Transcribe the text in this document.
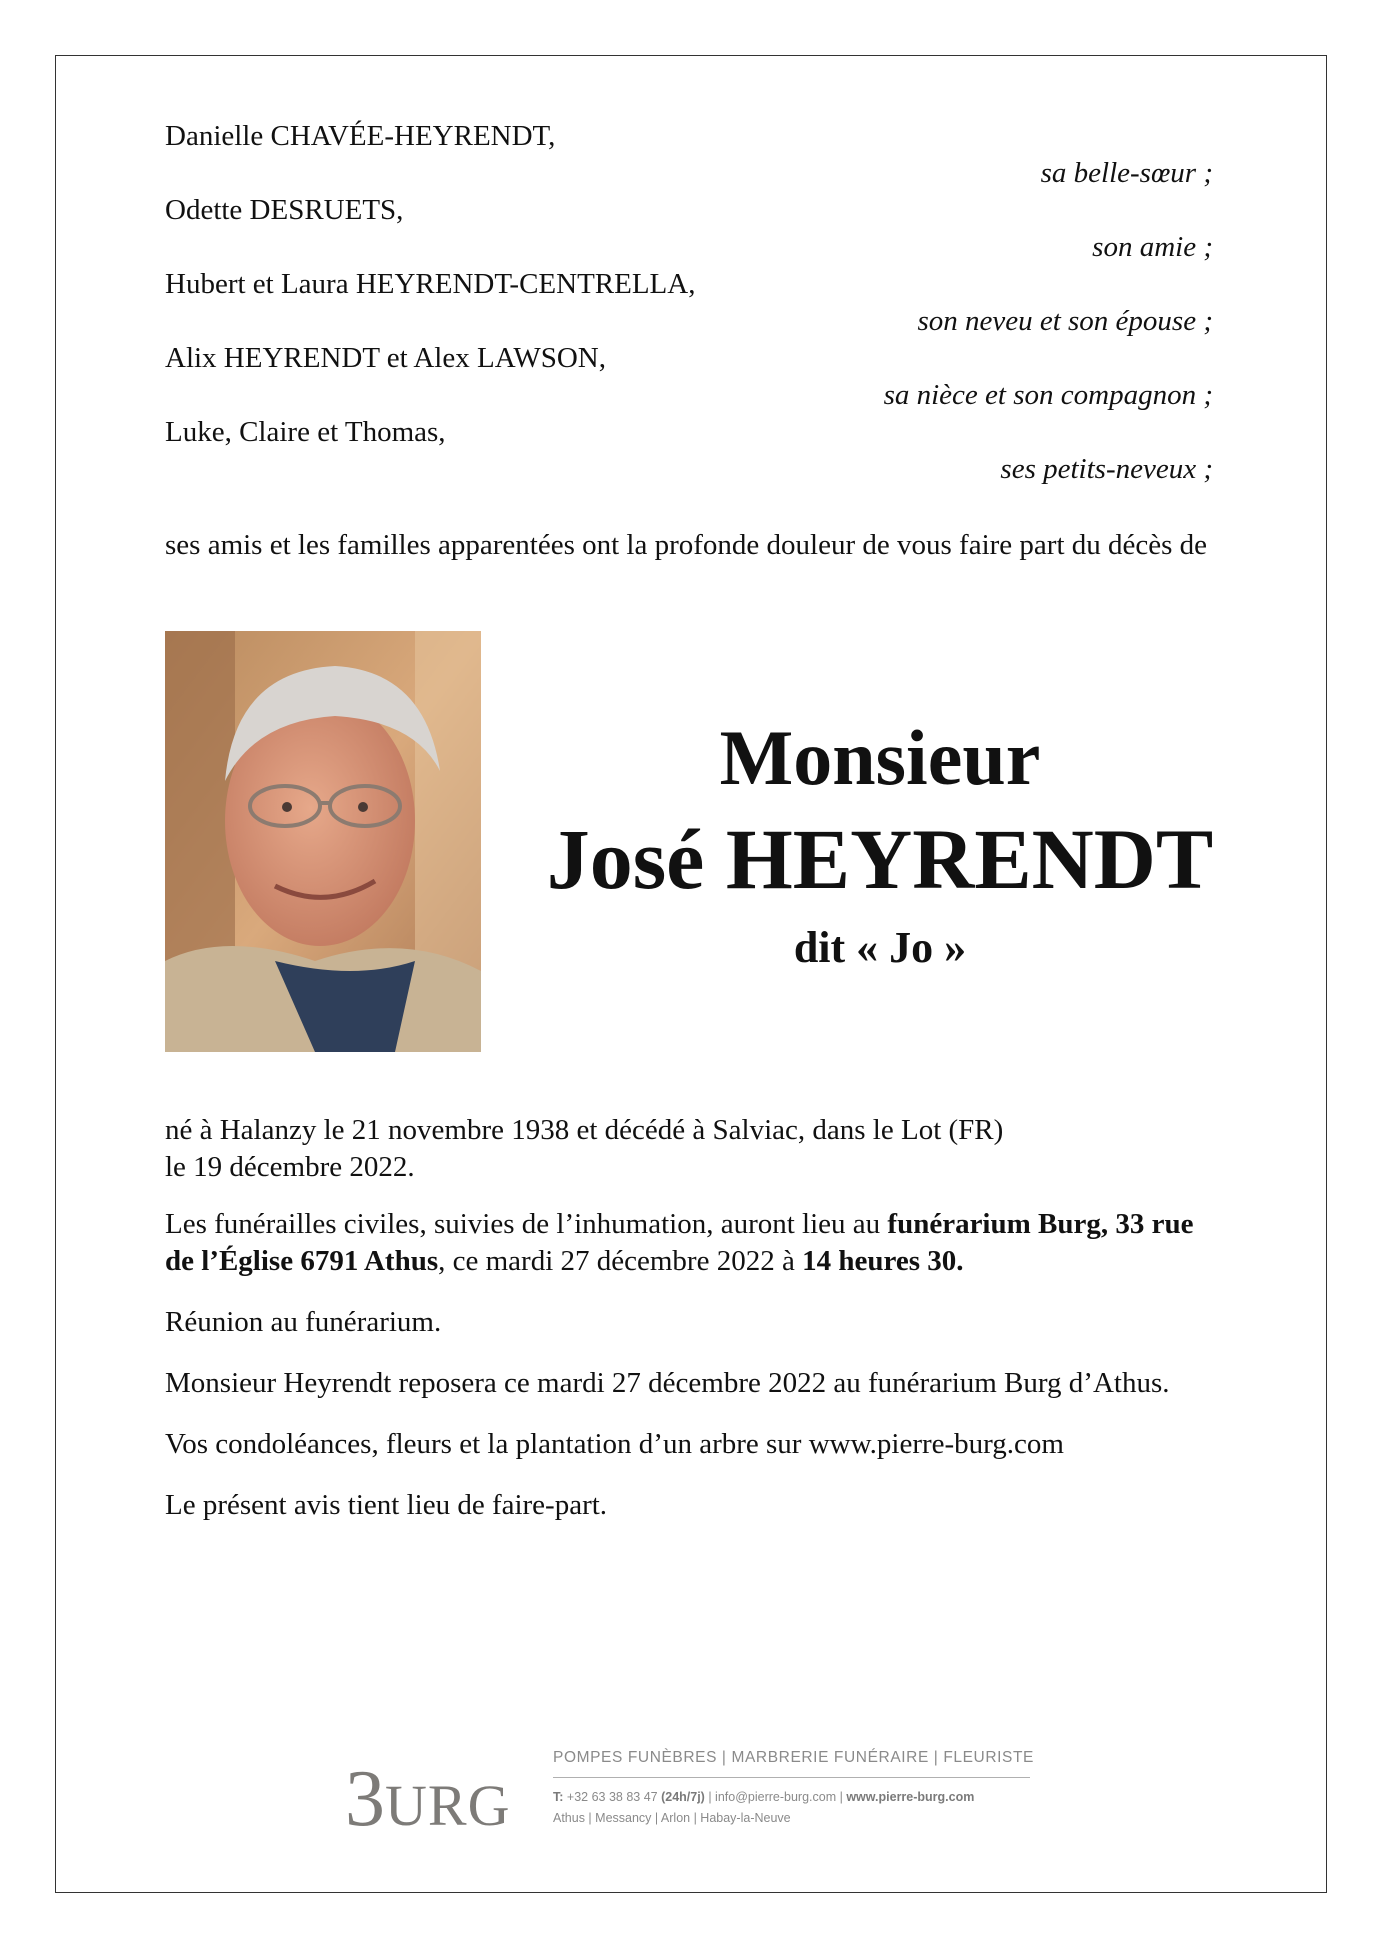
Danielle CHAVÉE-HEYRENDT,
sa belle-sœur ;
Odette DESRUETS,
son amie ;
Hubert et Laura HEYRENDT-CENTRELLA,
son neveu et son épouse ;
Alix HEYRENDT et Alex LAWSON,
sa nièce et son compagnon ;
Luke, Claire et Thomas,
ses petits-neveux ;
ses amis et les familles apparentées ont la profonde douleur de vous faire part du décès de
Monsieur
José HEYRENDT
dit « Jo »
né à Halanzy le 21 novembre 1938 et décédé à Salviac, dans le Lot (FR)
le 19 décembre 2022.
Les funérailles civiles, suivies de l’inhumation, auront lieu au funérarium Burg, 33 rue de l’Église 6791 Athus, ce mardi 27 décembre 2022 à 14 heures 30.
Réunion au funérarium.
Monsieur Heyrendt reposera ce mardi 27 décembre 2022 au funérarium Burg d’Athus.
Vos condoléances, fleurs et la plantation d’un arbre sur www.pierre-burg.com
Le présent avis tient lieu de faire-part.
3 URG
POMPES FUNÈBRES | MARBRERIE FUNÉRAIRE | FLEURISTE
T: +32 63 38 83 47 (24h/7j) | info@pierre-burg.com | www.pierre-burg.com
Athus | Messancy | Arlon | Habay-la-Neuve
